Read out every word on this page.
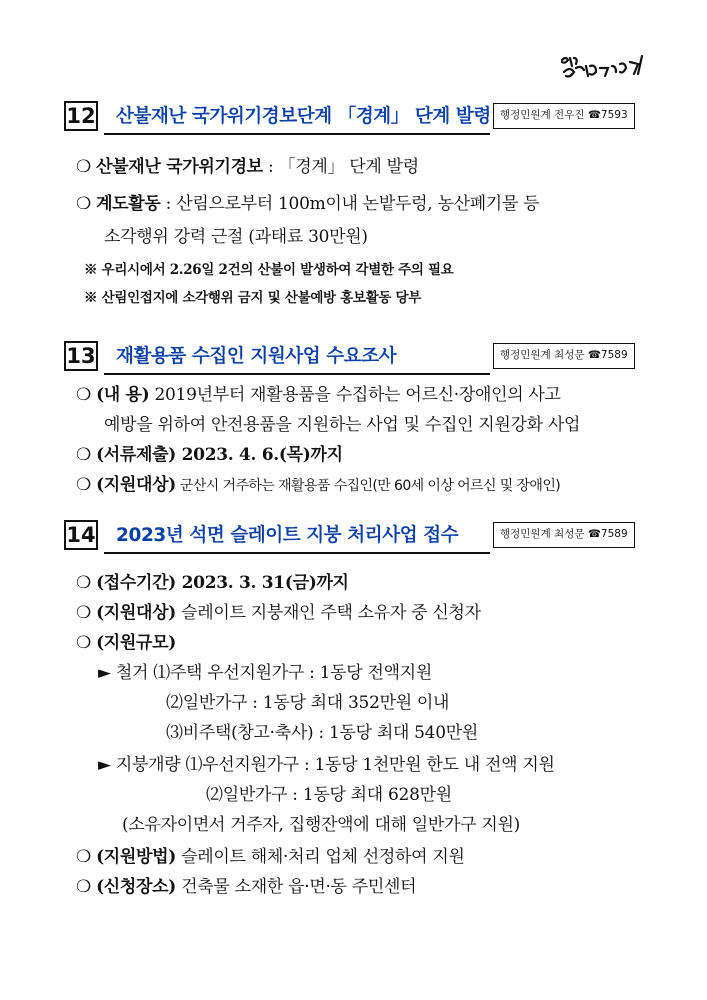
12 산불재난 국가위기경보단계 「경계」 단계 발령 행정민원계 전우진 ☎7593
❍ 산불재난 국가위기경보 : 「경계」 단계 발령
❍ 계도활동 : 산림으로부터 100m이내 논밭두렁, 농산폐기물 등
소각행위 강력 근절 (과태료 30만원)
※ 우리시에서 2.26일 2건의 산불이 발생하여 각별한 주의 필요
※ 산림인접지에 소각행위 금지 및 산불예방 홍보활동 당부
13 재활용품 수집인 지원사업 수요조사	행정민원계 최성문 ☎7589
❍ (내 용) 2019년부터 재활용품을 수집하는 어르신·장애인의 사고
예방을 위하여 안전용품을 지원하는 사업 및 수집인 지원강화 사업
❍ (서류제출) 2023. 4. 6.(목)까지
❍ (지원대상) 군산시 거주하는 재활용품 수집인(만 60세 이상 어르신 및 장애인)
14 2023년 석면 슬레이트 지붕 처리사업 접수	행정민원계 최성문 ☎7589
❍ (접수기간) 2023. 3. 31(금)까지
❍ (지원대상) 슬레이트 지붕재인 주택 소유자 중 신청자
❍ (지원규모)
► 철거 ⑴주택 우선지원가구 : 1동당 전액지원
⑵일반가구 : 1동당 최대 352만원 이내
⑶비주택(창고·축사) : 1동당 최대 540만원
► 지붕개량 ⑴우선지원가구 : 1동당 1천만원 한도 내 전액 지원
⑵일반가구 : 1동당 최대 628만원
(소유자이면서 거주자, 집행잔액에 대해 일반가구 지원)
❍ (지원방법) 슬레이트 해체·처리 업체 선정하여 지원
❍ (신청장소) 건축물 소재한 읍·면·동 주민센터
